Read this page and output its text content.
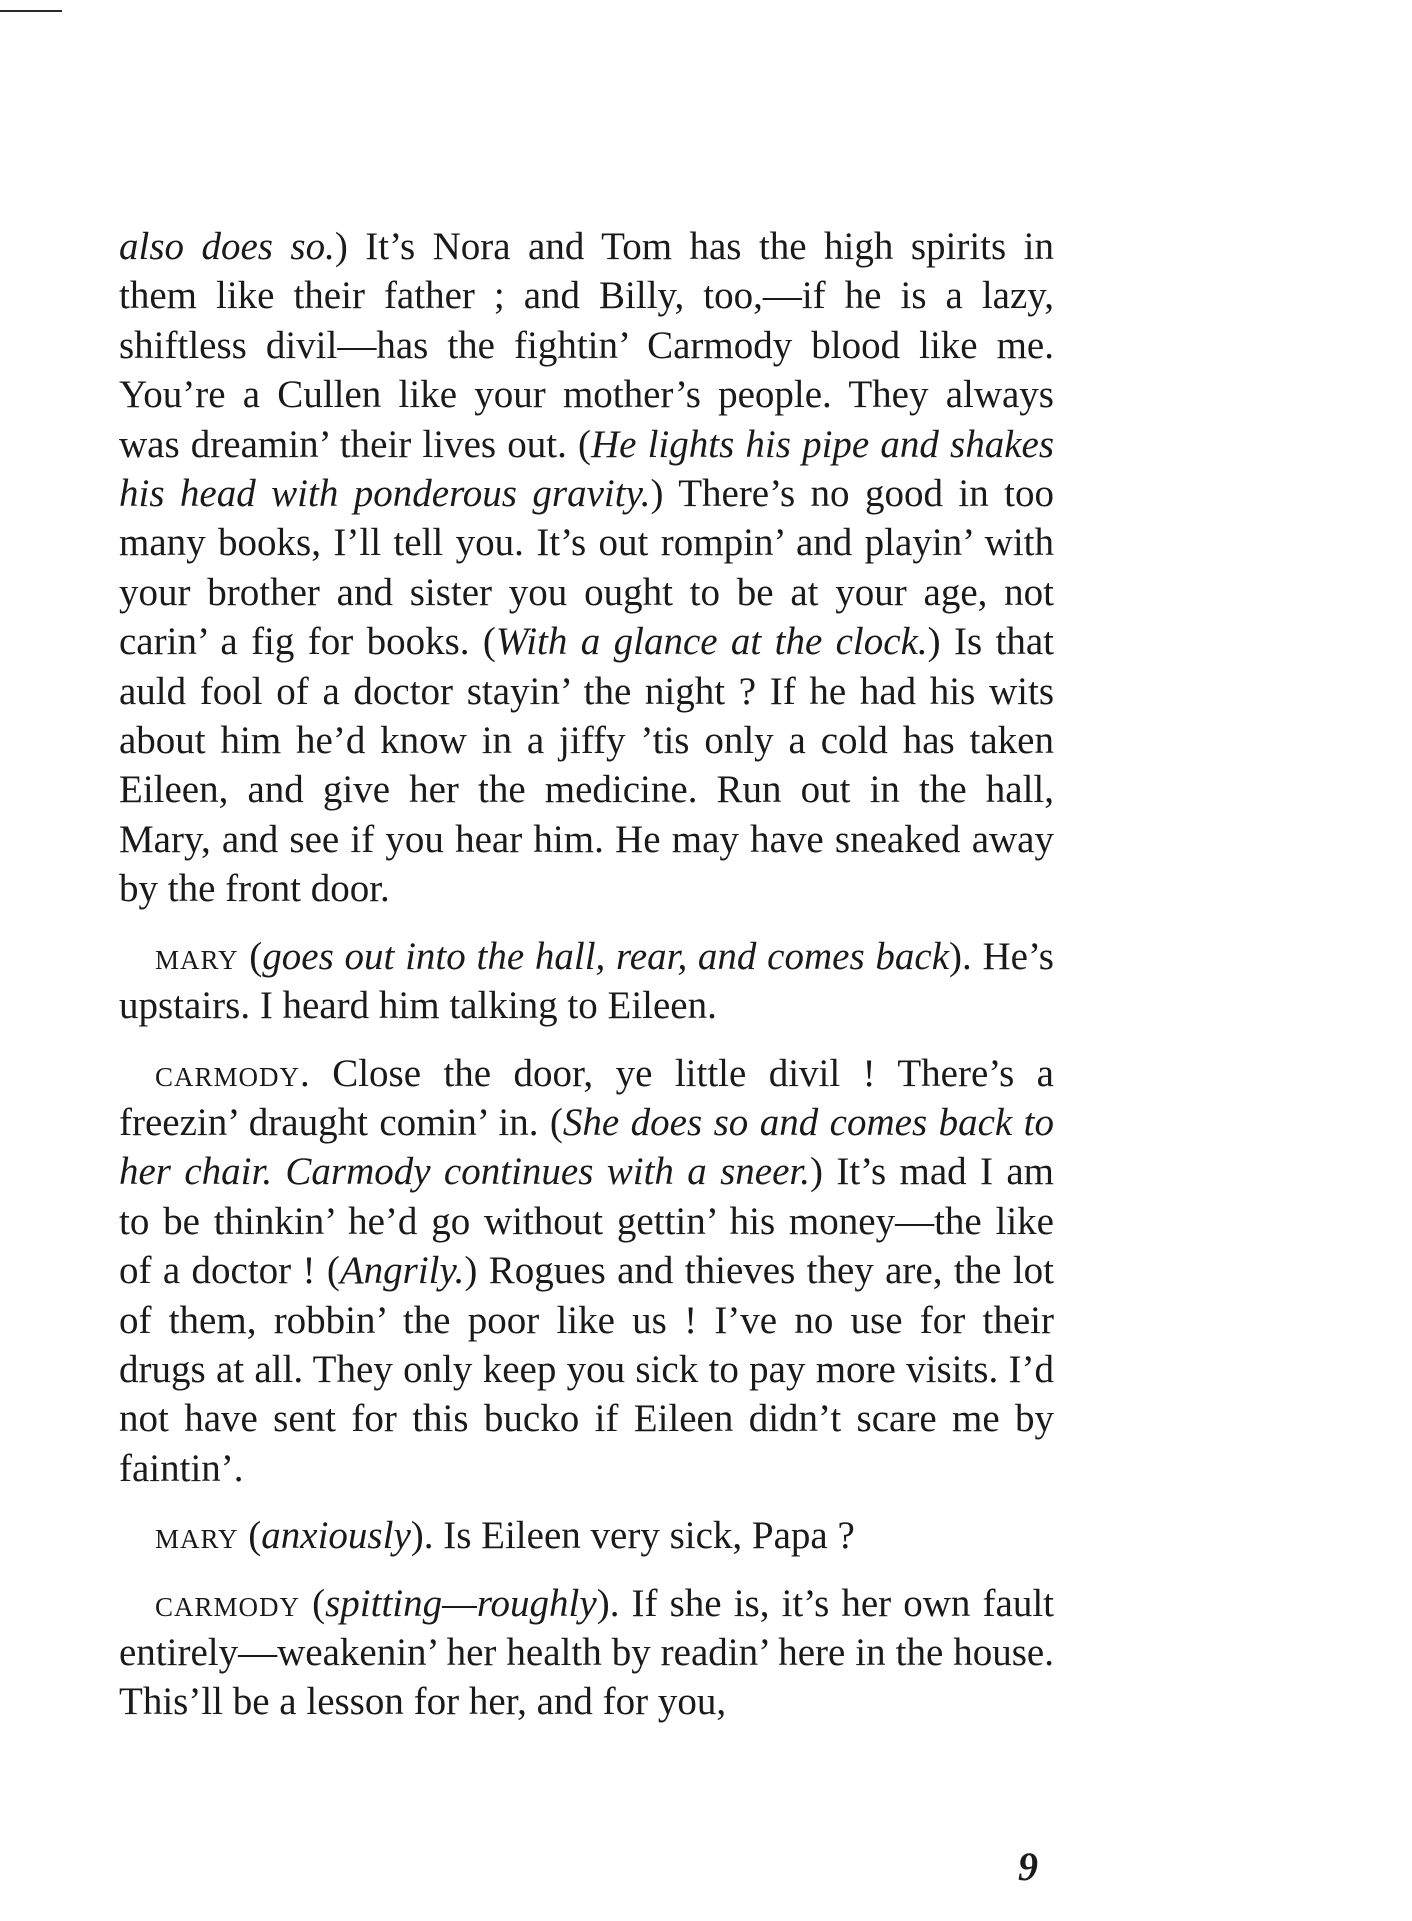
also does so.) It’s Nora and Tom has the high spirits in them like their father ; and Billy, too,—if he is a lazy, shiftless divil—has the fightin’ Carmody blood like me. You’re a Cullen like your mother’s people. They always was dreamin’ their lives out. (He lights his pipe and shakes his head with ponderous gravity.) There’s no good in too many books, I’ll tell you. It’s out rompin’ and playin’ with your brother and sister you ought to be at your age, not carin’ a fig for books. (With a glance at the clock.) Is that auld fool of a doctor stayin’ the night ? If he had his wits about him he’d know in a jiffy ’tis only a cold has taken Eileen, and give her the medicine. Run out in the hall, Mary, and see if you hear him. He may have sneaked away by the front door.

mary (goes out into the hall, rear, and comes back). He’s upstairs. I heard him talking to Eileen.

carmody. Close the door, ye little divil ! There’s a freezin’ draught comin’ in. (She does so and comes back to her chair. Carmody continues with a sneer.) It’s mad I am to be thinkin’ he’d go without gettin’ his money—the like of a doctor ! (Angrily.) Rogues and thieves they are, the lot of them, robbin’ the poor like us ! I’ve no use for their drugs at all. They only keep you sick to pay more visits. I’d not have sent for this bucko if Eileen didn’t scare me by faintin’.

mary (anxiously). Is Eileen very sick, Papa ?

carmody (spitting—roughly). If she is, it’s her own fault entirely—weakenin’ her health by readin’ here in the house. This’ll be a lesson for her, and for you,

9
